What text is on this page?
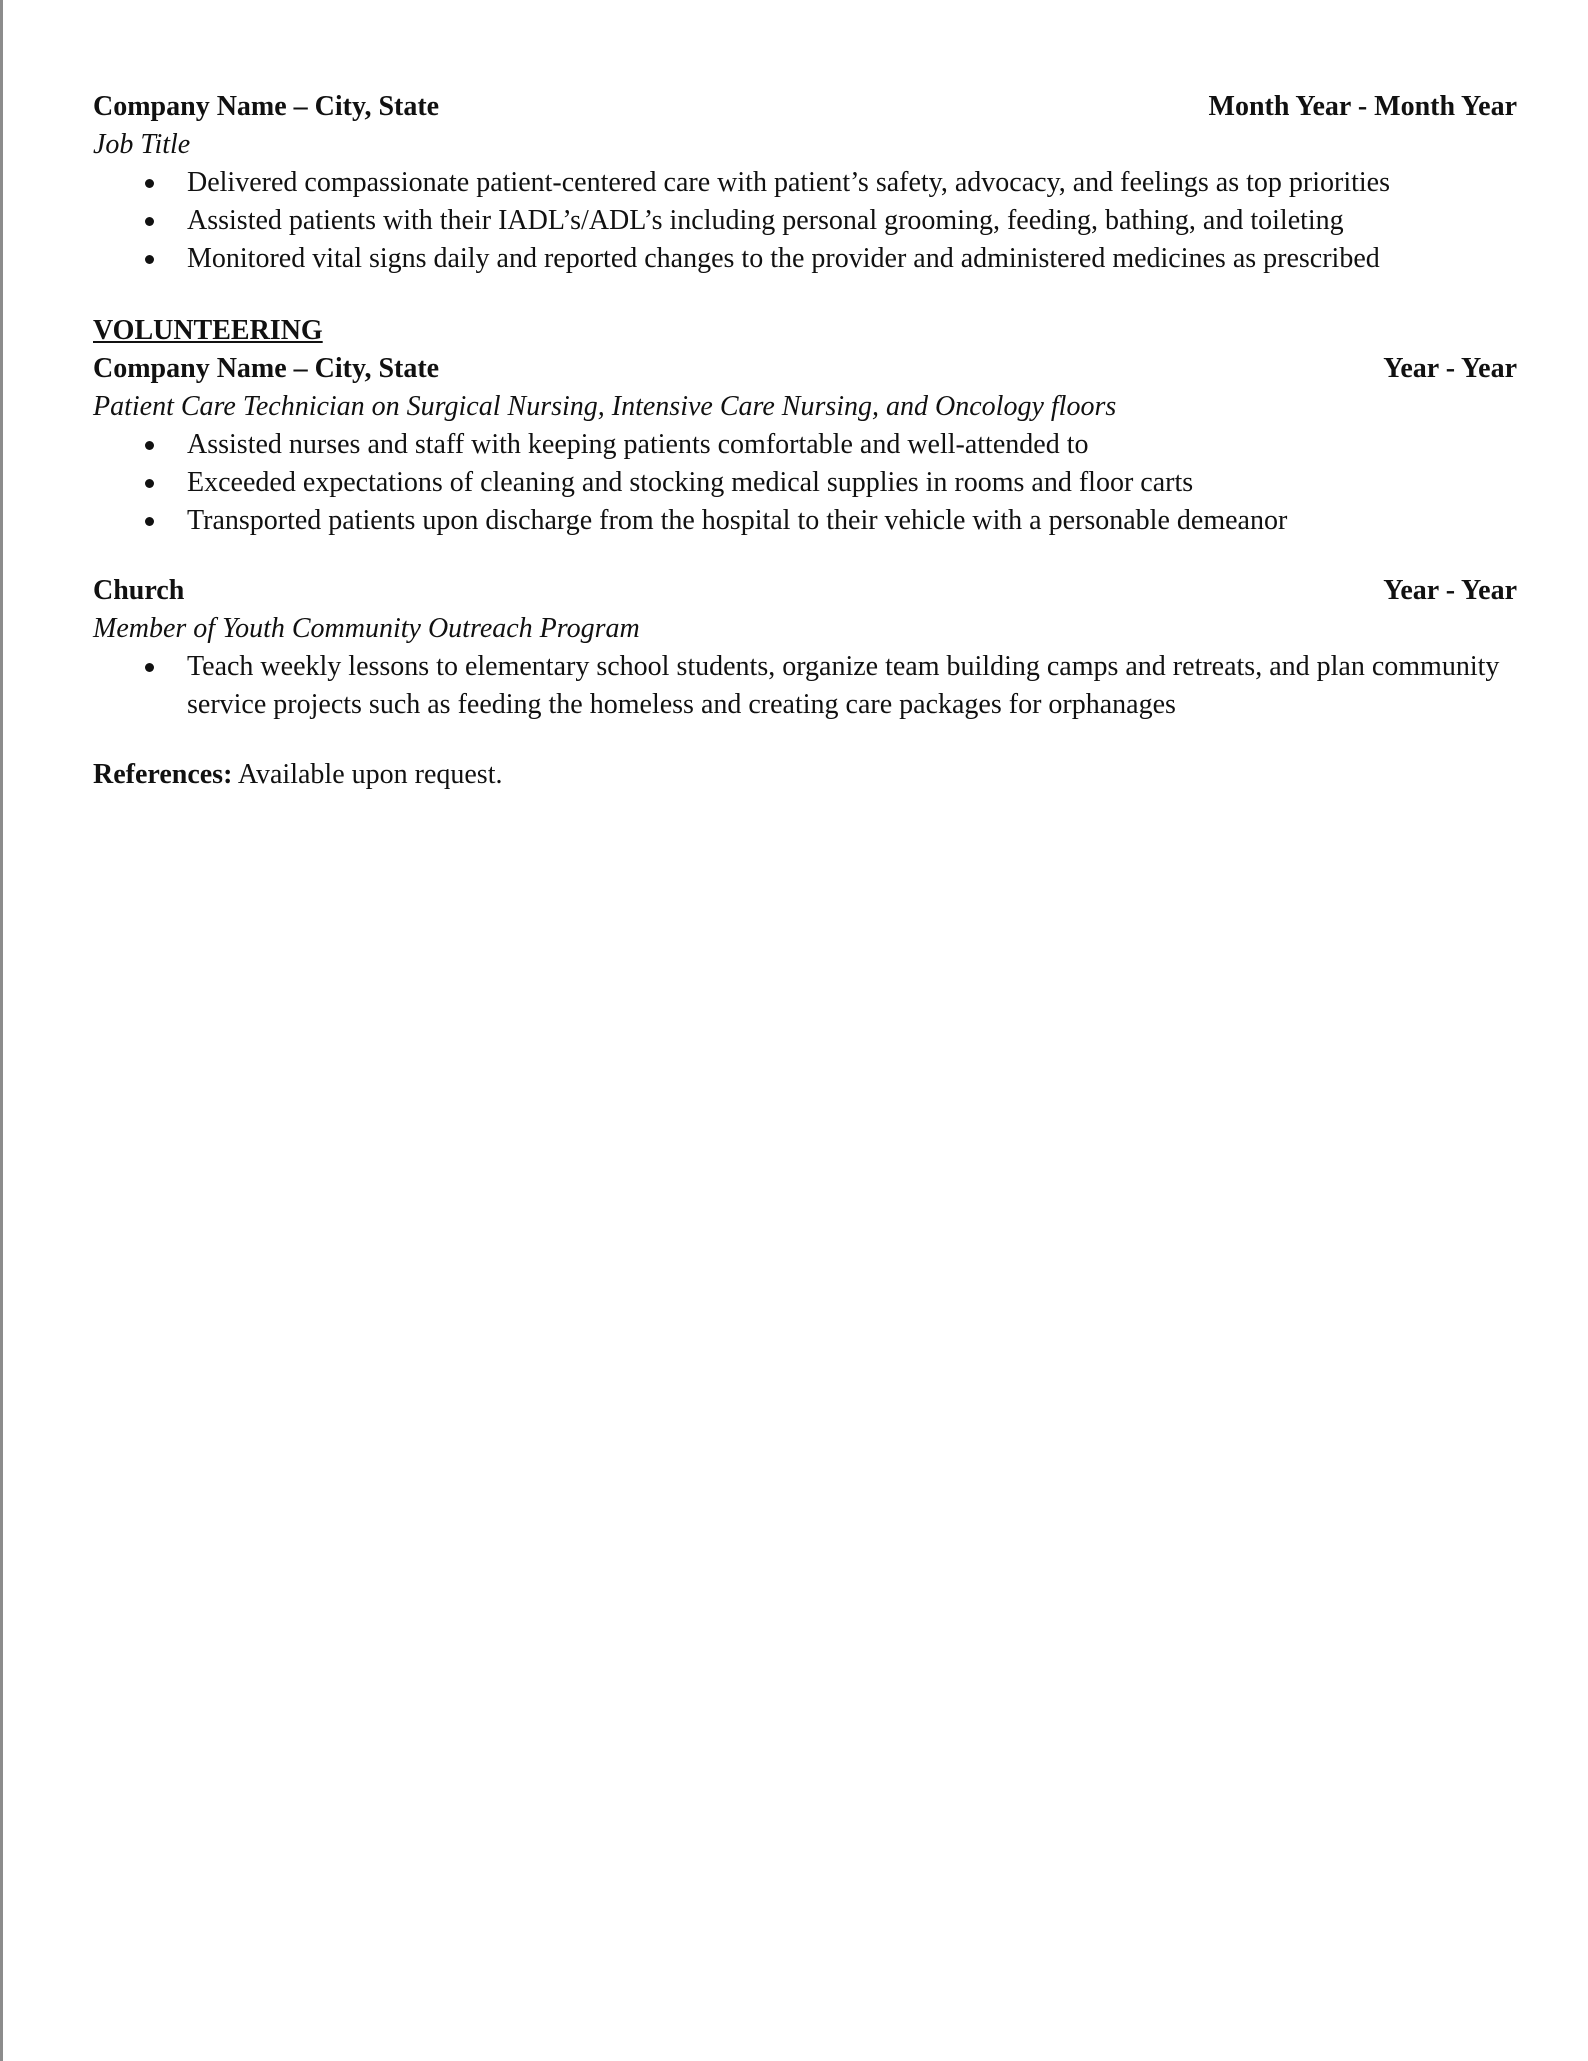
Company Name – City, State	Month Year - Month Year
Job Title
Delivered compassionate patient-centered care with patient’s safety, advocacy, and feelings as top priorities
Assisted patients with their IADL’s/ADL’s including personal grooming, feeding, bathing, and toileting
Monitored vital signs daily and reported changes to the provider and administered medicines as prescribed
VOLUNTEERING
Company Name – City, State	Year - Year
Patient Care Technician on Surgical Nursing, Intensive Care Nursing, and Oncology floors
Assisted nurses and staff with keeping patients comfortable and well-attended to
Exceeded expectations of cleaning and stocking medical supplies in rooms and floor carts
Transported patients upon discharge from the hospital to their vehicle with a personable demeanor
Church	Year - Year
Member of Youth Community Outreach Program
Teach weekly lessons to elementary school students, organize team building camps and retreats, and plan community service projects such as feeding the homeless and creating care packages for orphanages
References: Available upon request.
